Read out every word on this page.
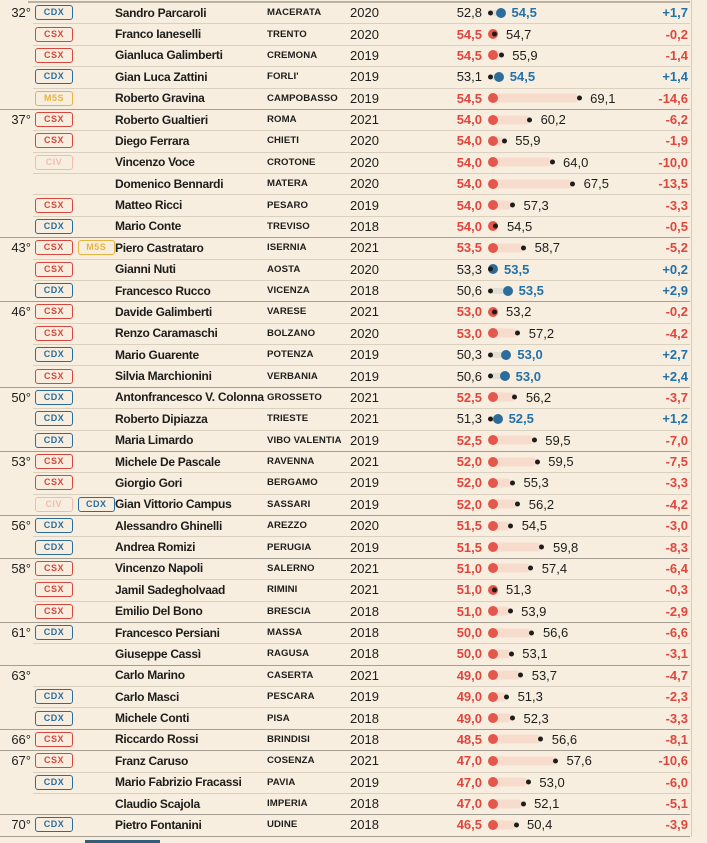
32°	CDX	Sandro Parcaroli	MACERATA	2020	52,8 54,5	+1,7
CSX	Franco Ianeselli	TRENTO	2020	54,5 54,7	-0,2
CSX	Gianluca Galimberti	CREMONA	2019	54,5 55,9	-1,4
CDX	Gian Luca Zattini	FORLI'	2019	53,1 54,5	+1,4
M5S	Roberto Gravina	CAMPOBASSO 2019	54,5	69,1	-14,6
37°	CSX	Roberto Gualtieri	ROMA	2021	54,0	60,2	-6,2
CSX	Diego Ferrara	CHIETI	2020	54,0	55,9	-1,9
CIV	Vincenzo Voce	CROTONE	2020	54,0	64,0	-10,0
Domenico Bennardi	MATERA	2020	54,0	67,5	-13,5
CSX	Matteo Ricci	PESARO	2019	54,0	57,3	-3,3
CDX	Mario Conte	TREVISO	2018	54,0 54,5	-0,5
43°	CSX	M5S Piero Castrataro	ISERNIA	2021	53,5	58,7	-5,2
CSX	Gianni Nuti	AOSTA	2020	53,3 53,5	+0,2
CDX	Francesco Rucco	VICENZA	2018	50,6	53,5	+2,9
46°	CSX	Davide Galimberti	VARESE	2021	53,0 53,2	-0,2
CSX	Renzo Caramaschi	BOLZANO	2020	53,0	57,2	-4,2
CDX	Mario Guarente	POTENZA	2019	50,3	53,0	+2,7
CSX	Silvia Marchionini	VERBANIA	2019	50,6	53,0	+2,4
50°	CDX	Antonfrancesco V. Colonna GROSSETO	2021	52,5	56,2	-3,7
CDX	Roberto Dipiazza	TRIESTE	2021	51,3 52,5	+1,2
CDX	Maria Limardo	VIBO VALENTIA 2019	52,5	59,5	-7,0
53°	CSX	Michele De Pascale	RAVENNA	2021	52,0	59,5	-7,5
CSX	Giorgio Gori	BERGAMO	2019	52,0	55,3	-3,3
CIV	CDX Gian Vittorio Campus	SASSARI	2019	52,0	56,2	-4,2
56°	CDX	Alessandro Ghinelli	AREZZO	2020	51,5	54,5	-3,0
CDX	Andrea Romizi	PERUGIA	2019	51,5	59,8	-8,3
58°	CSX	Vincenzo Napoli	SALERNO	2021	51,0	57,4	-6,4
CSX	Jamil Sadegholvaad	RIMINI	2021	51,0 51,3	-0,3
CSX	Emilio Del Bono	BRESCIA	2018	51,0	53,9	-2,9
61°	CDX	Francesco Persiani	MASSA	2018	50,0	56,6	-6,6
Giuseppe Cassì	RAGUSA	2018	50,0	53,1	-3,1
63°	Carlo Marino	CASERTA	2021	49,0	53,7	-4,7
CDX	Carlo Masci	PESCARA	2019	49,0	51,3	-2,3
CDX	Michele Conti	PISA	2018	49,0	52,3	-3,3
66°	CSX	Riccardo Rossi	BRINDISI	2018	48,5	56,6	-8,1
67°	CSX	Franz Caruso	COSENZA	2021	47,0	57,6	-10,6
CDX	Mario Fabrizio Fracassi	PAVIA	2019	47,0	53,0	-6,0
Claudio Scajola	IMPERIA	2018	47,0	52,1	-5,1
70°	CDX	Pietro Fontanini	UDINE	2018	46,5	50,4	-3,9
